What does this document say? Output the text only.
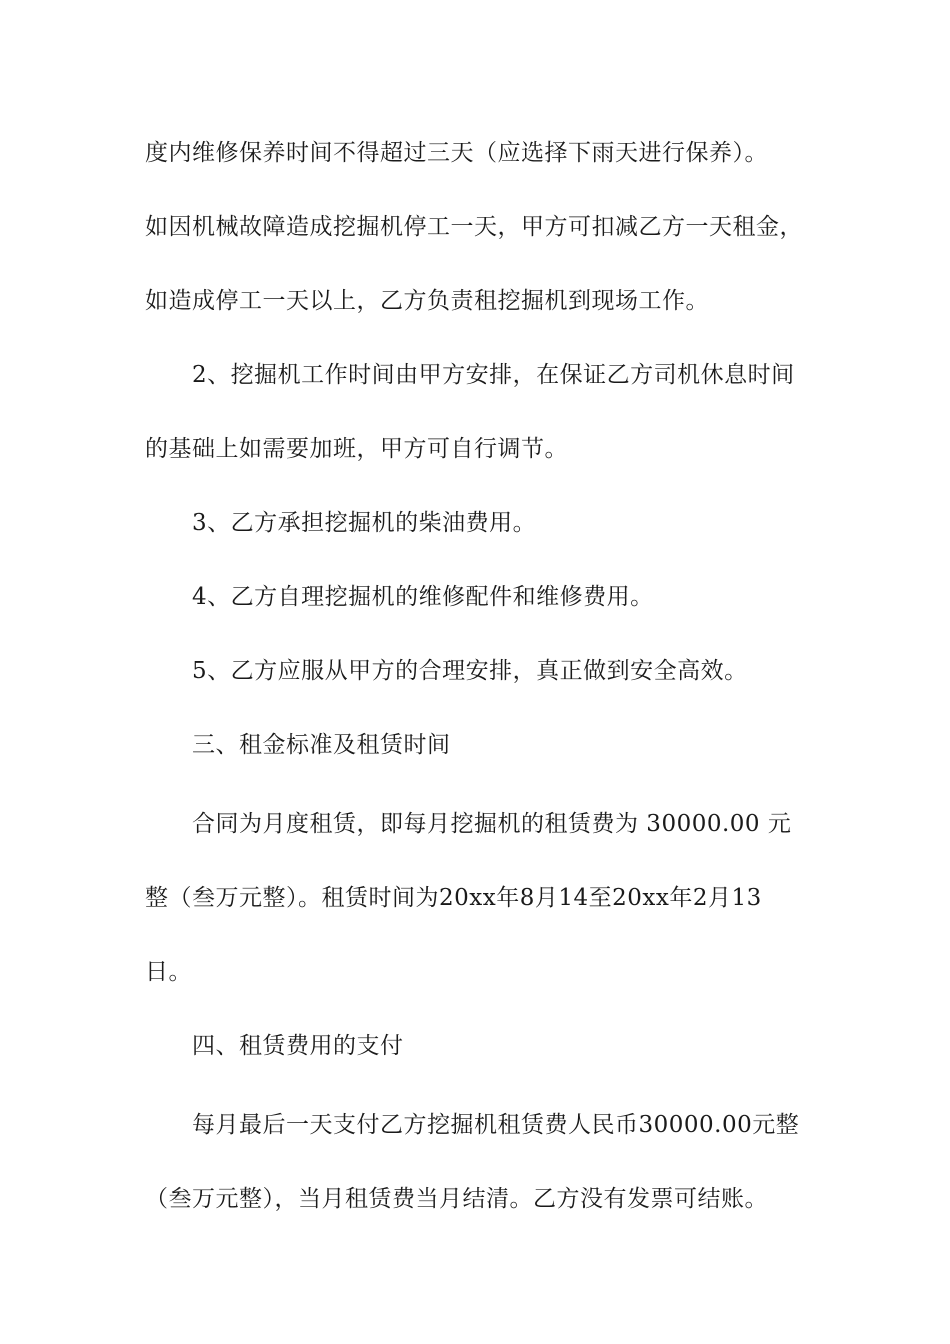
度内维修保养时间不得超过三天（应选择下雨天进行保养）。
如因机械故障造成挖掘机停工一天，甲方可扣减乙方一天租金，
如造成停工一天以上，乙方负责租挖掘机到现场工作。
2、挖掘机工作时间由甲方安排，在保证乙方司机休息时间
的基础上如需要加班，甲方可自行调节。
3、乙方承担挖掘机的柴油费用。
4、乙方自理挖掘机的维修配件和维修费用。
5、乙方应服从甲方的合理安排，真正做到安全高效。
三、租金标准及租赁时间
合同为月度租赁，即每月挖掘机的租赁费为 30000.00 元
整（叁万元整）。租赁时间为20xx年8月14至20xx年2月13
日。
四、租赁费用的支付
每月最后一天支付乙方挖掘机租赁费人民币30000.00元整
（叁万元整），当月租赁费当月结清。乙方没有发票可结账。
